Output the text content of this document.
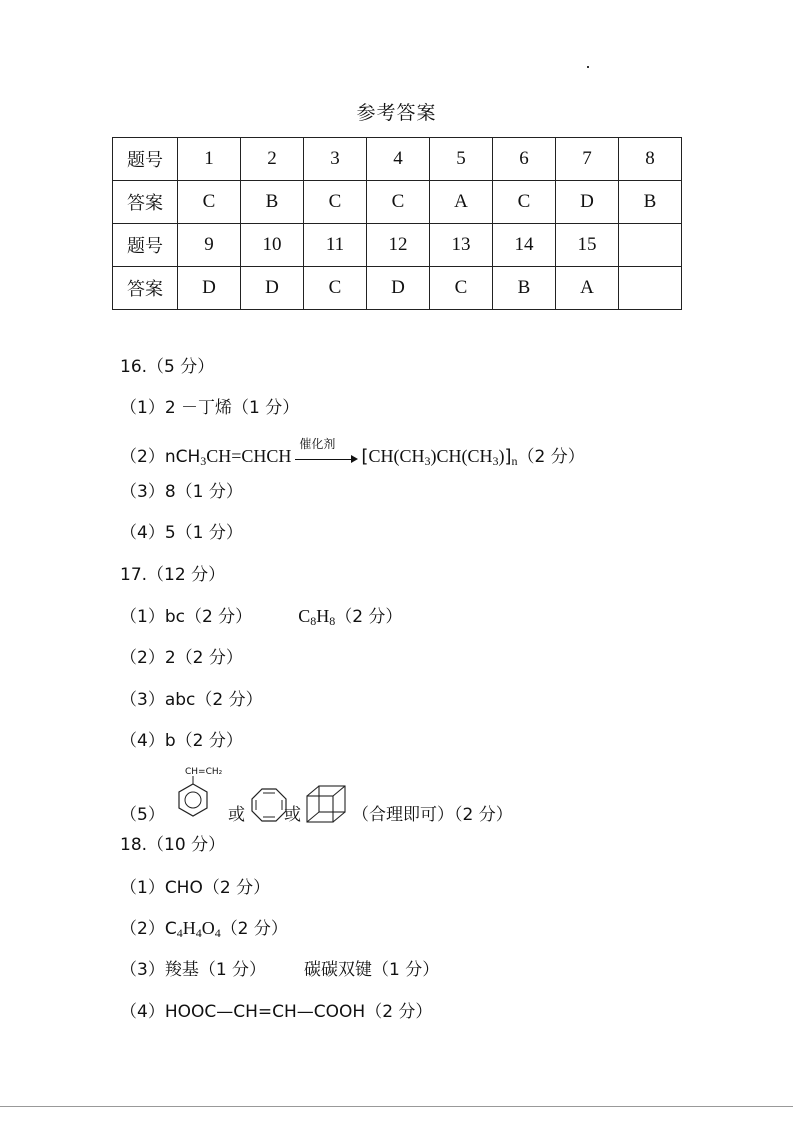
参考答案
题号	1	2	3	4	5	6	7	8
答案	C	B	C	C	A	C	D	B
题号	9	10	11	12	13	14	15	
答案	D	D	C	D	C	B	A	
16.（5 分）
（1）2 －丁烯（1 分）
（2）nCH$_3$CH=CHCH
催化剂
$[CH(CH_3)CH(CH_3)]_n(2$ 分）
（3）8（1 分）
（4）5（1 分）
17.（12 分）
（1）bc（2 分）	$C_8H_8(2$ 分）
（2）2（2 分）
（3）abc（2 分）
（4）b（2 分）
（5）
CH=CH₂
或 或	（合理即可）（2 分）
18.（10 分）
（1）CHO（2 分）
$(2)C_4H_4O_4(2$ 分）
（3）羧基（1 分） 碳碳双键（1 分）
（4）HOOC—CH=CH—COOH（2 分）
